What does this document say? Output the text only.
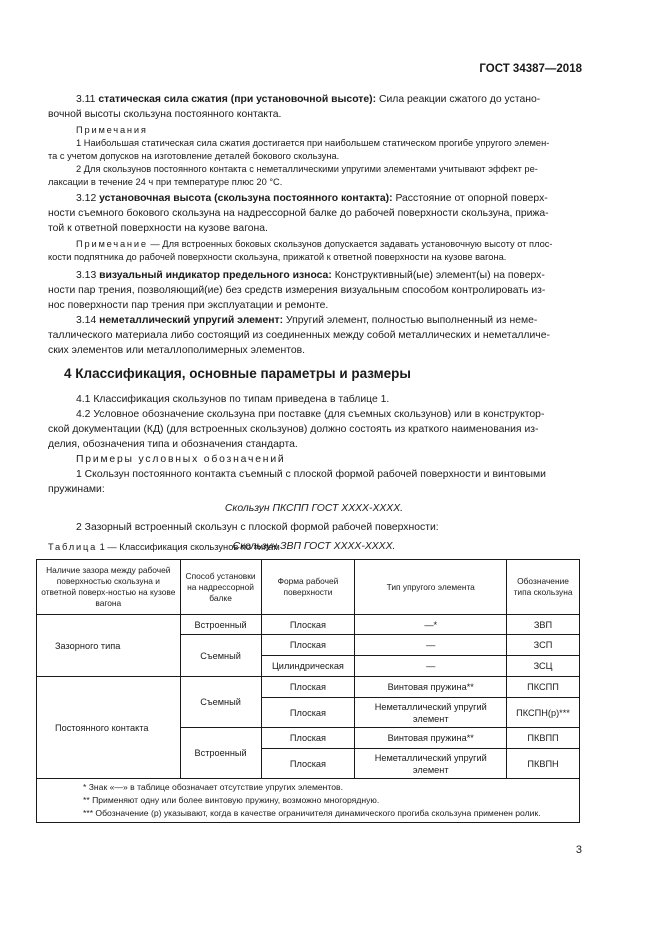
ГОСТ 34387—2018

3.11 статическая сила сжатия (при установочной высоте): Сила реакции сжатого до устано-

вочной высоты скользуна постоянного контакта.

Примечания

1 Наибольшая статическая сила сжатия достигается при наибольшем статическом прогибе упругого элемен-

та с учетом допусков на изготовление деталей бокового скользуна.

2 Для скользунов постоянного контакта с неметаллическими упругими элементами учитывают эффект ре-

лаксации в течение 24 ч при температуре плюс 20 °С.

3.12 установочная высота (скользуна постоянного контакта): Расстояние от опорной поверх-

ности съемного бокового скользуна на надрессорной балке до рабочей поверхности скользуна, прижа-

той к ответной поверхности на кузове вагона.

Примечание — Для встроенных боковых скользунов допускается задавать установочную высоту от плос-

кости подпятника до рабочей поверхности скользуна, прижатой к ответной поверхности на кузове вагона.

3.13 визуальный индикатор предельного износа: Конструктивный(ые) элемент(ы) на поверх-

ности пар трения, позволяющий(ие) без средств измерения визуальным способом контролировать из-

нос поверхности пар трения при эксплуатации и ремонте.

3.14 неметаллический упругий элемент: Упругий элемент, полностью выполненный из неме-

таллического материала либо состоящий из соединенных между собой металлических и неметалличе-

ских элементов или металлополимерных элементов.

4 Классификация, основные параметры и размеры

4.1 Классификация скользунов по типам приведена в таблице 1.

4.2 Условное обозначение скользуна при поставке (для съемных скользунов) или в конструктор-

ской документации (КД) (для встроенных скользунов) должно состоять из краткого наименования из-

делия, обозначения типа и обозначения стандарта.

Примеры условных обозначений

1 Скользун постоянного контакта съемный с плоской формой рабочей поверхности и винтовыми

пружинами:

Скользун ПКСПП ГОСТ ХХХХ-ХХХХ.

2 Зазорный встроенный скользун с плоской формой рабочей поверхности:

Скользун ЗВП ГОСТ ХХХХ-ХХХХ.

Таблица 1 — Классификация скользунов по типам

Наличие зазора между рабочей поверхностью скользуна и ответной поверх-ностью на кузове вагона	Способ установки на надрессорной балке	Форма рабочей поверхности	Тип упругого элемента	Обозначение типа скользуна
Зазорного типа	Встроенный	Плоская	—*	ЗВП
	Съемный	Плоская	—	ЗСП
		Цилиндрическая	—	ЗСЦ
Постоянного контакта	Съемный	Плоская	Винтовая пружина**	ПКСПП
		Плоская	Неметаллический упругий элемент	ПКСПН(р)***
	Встроенный	Плоская	Винтовая пружина**	ПКВПП
		Плоская	Неметаллический упругий элемент	ПКВПН

* Знак «—» в таблице обозначает отсутствие упругих элементов.

** Применяют одну или более винтовую пружину, возможно многорядную.

*** Обозначение (р) указывают, когда в качестве ограничителя динамического прогиба скользуна применен ролик.				

3
